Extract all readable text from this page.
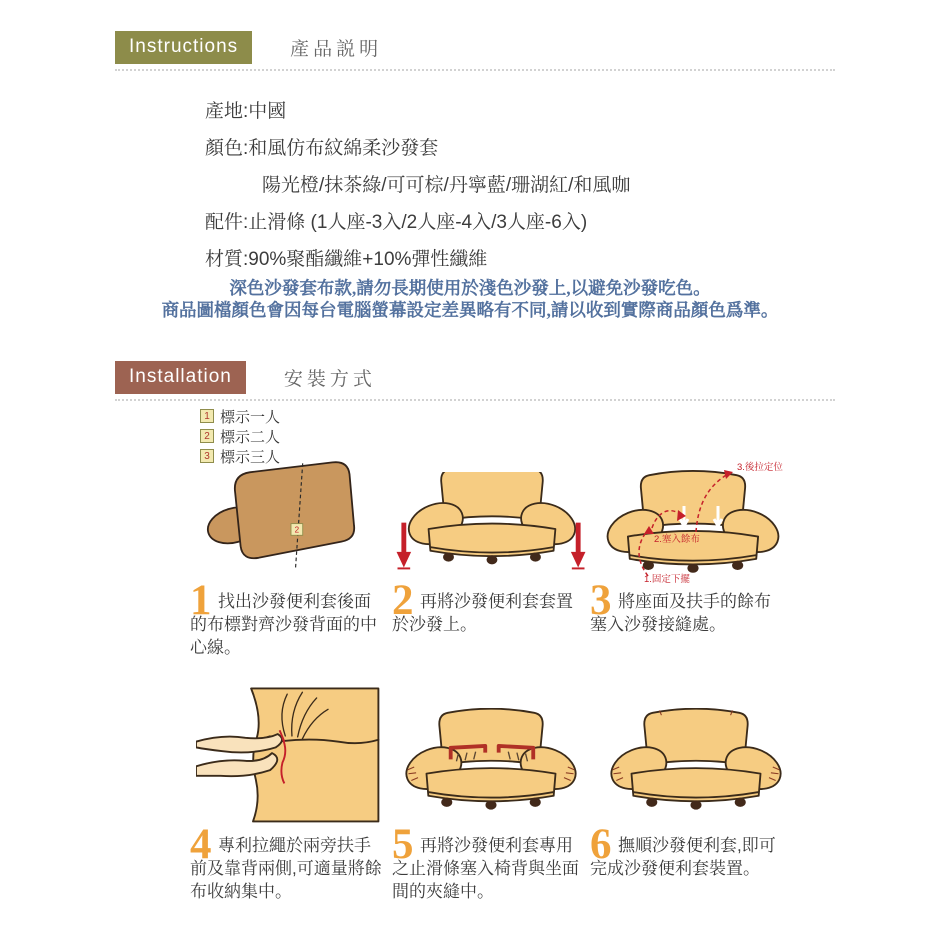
Instructions	產品説明
產地: 中國
顏色: 和風仿布紋綿柔沙發套
陽光橙/抹茶綠/可可棕/丹寧藍/珊湖紅/和風咖
配件: 止滑條 (1人座-3入/2人座-4入/3人座-6入)
材質: 90%聚酯纖維+10%彈性纖維
深色沙發套布款,請勿長期使用於淺色沙發上,以避免沙發吃色。
商品圖檔顏色會因每台電腦螢幕設定差異略有不同,請以收到實際商品顏色爲準。
Installation	安裝方式
1 標示一人
2 標示二人
3 標示三人
2
1.固定下擺
2.塞入餘布
3.後拉定位
1 找出沙發便利套後面的布標對齊沙發背面的中心線。
2 再將沙發便利套套置於沙發上。
3 將座面及扶手的餘布塞入沙發接縫處。
4 專利拉繩於兩旁扶手前及靠背兩側,可適量將餘布收納集中。
5 再將沙發便利套專用之止滑條塞入椅背與坐面間的夾縫中。
6 撫順沙發便利套,即可完成沙發便利套裝置。
